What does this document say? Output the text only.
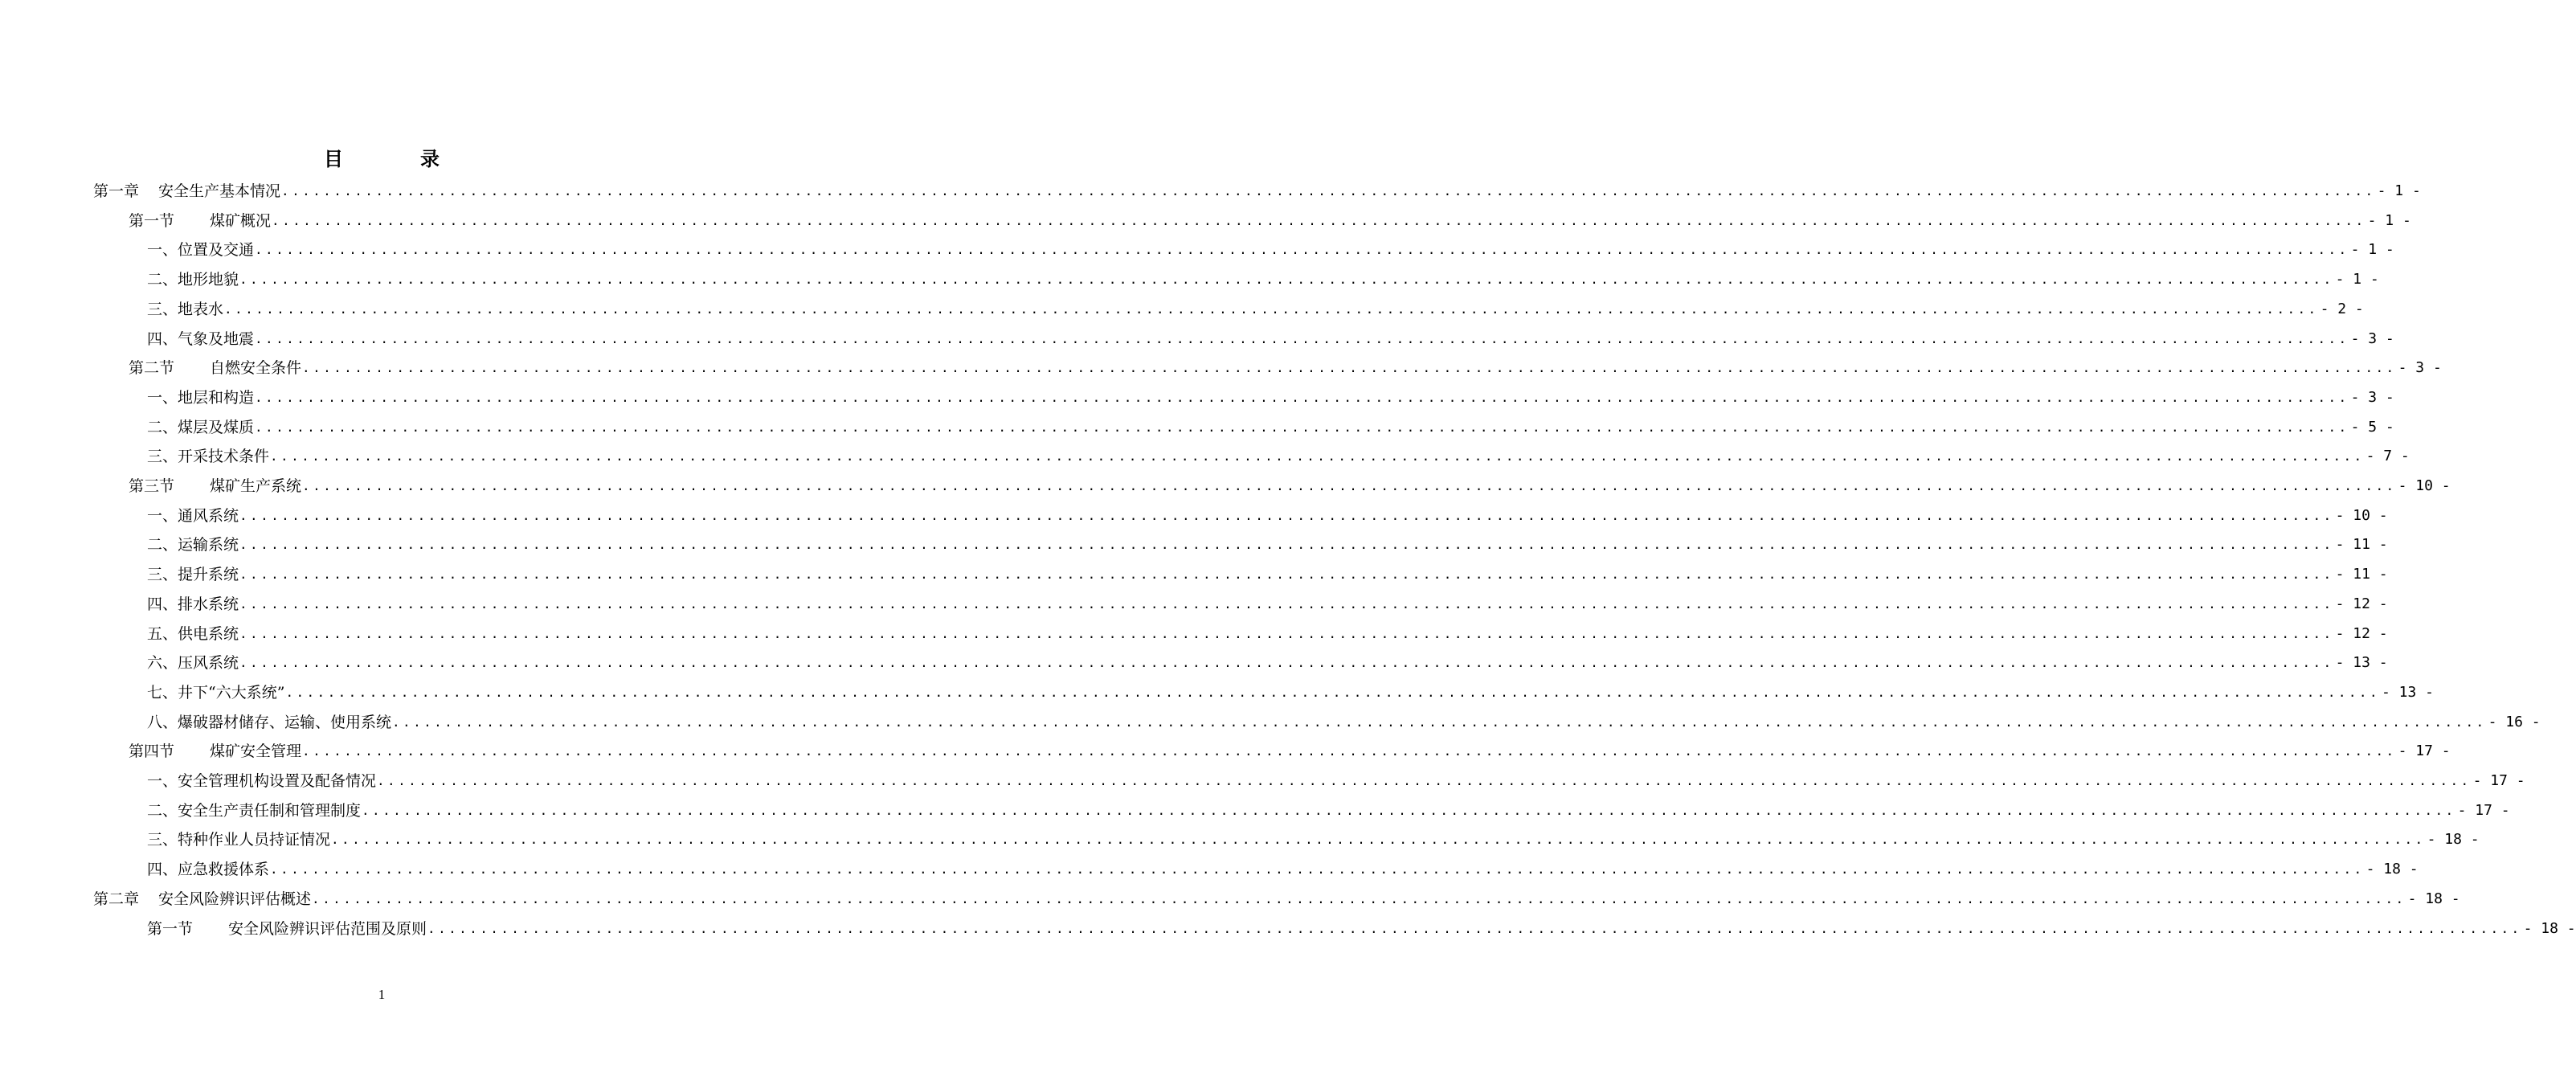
目	录
第一章 安全生产基本情况 ........................................................................................................................................................................................................ - 1 -
第一节 煤矿概况 ........................................................................................................................................................................................................ - 1 -
一、位置及交通 ........................................................................................................................................................................................................ - 1 -
二、地形地貌 ........................................................................................................................................................................................................ - 1 -
三、地表水 ........................................................................................................................................................................................................ - 2 -
四、气象及地震 ........................................................................................................................................................................................................ - 3 -
第二节 自燃安全条件 ........................................................................................................................................................................................................ - 3 -
一、地层和构造 ........................................................................................................................................................................................................ - 3 -
二、煤层及煤质 ........................................................................................................................................................................................................ - 5 -
三、开采技术条件 ........................................................................................................................................................................................................ - 7 -
第三节 煤矿生产系统 ........................................................................................................................................................................................................ - 10 -
一、通风系统 ........................................................................................................................................................................................................ - 10 -
二、运输系统 ........................................................................................................................................................................................................ - 11 -
三、提升系统 ........................................................................................................................................................................................................ - 11 -
四、排水系统 ........................................................................................................................................................................................................ - 12 -
五、供电系统 ........................................................................................................................................................................................................ - 12 -
六、压风系统 ........................................................................................................................................................................................................ - 13 -
七、井下“六大系统” ........................................................................................................................................................................................................ - 13 -
八、爆破器材储存、运输、使用系统 ........................................................................................................................................................................................................ - 16 -
第四节 煤矿安全管理 ........................................................................................................................................................................................................ - 17 -
一、安全管理机构设置及配备情况 ........................................................................................................................................................................................................ - 17 -
二、安全生产责任制和管理制度 ........................................................................................................................................................................................................ - 17 -
三、特种作业人员持证情况 ........................................................................................................................................................................................................ - 18 -
四、应急救援体系 ........................................................................................................................................................................................................ - 18 -
第二章 安全风险辨识评估概述 ........................................................................................................................................................................................................ - 18 -
第一节 安全风险辨识评估范围及原则 ........................................................................................................................................................................................................ - 18 -
1
